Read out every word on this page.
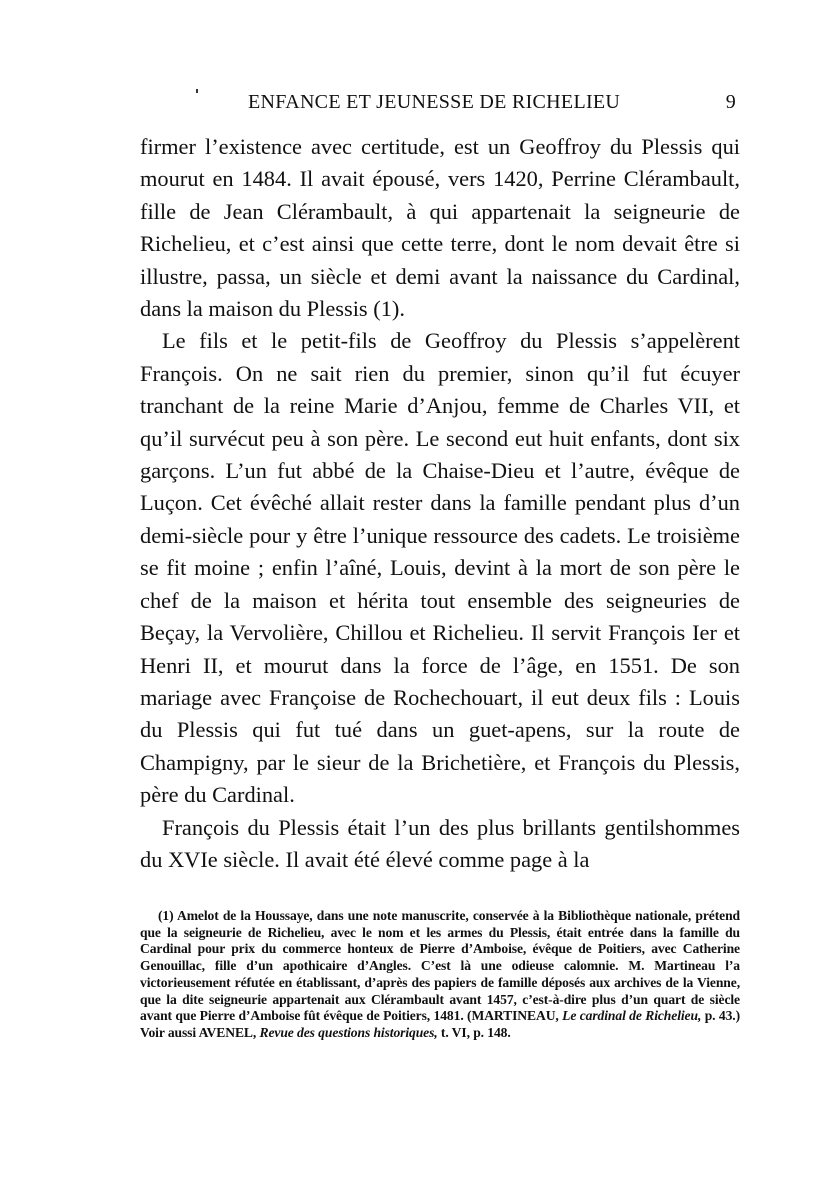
ENFANCE ET JEUNESSE DE RICHELIEU	9

firmer l’existence avec certitude, est un Geoffroy du Plessis qui mourut en 1484. Il avait épousé, vers 1420, Perrine Clérambault, fille de Jean Clérambault, à qui appartenait la seigneurie de Richelieu, et c’est ainsi que cette terre, dont le nom devait être si illustre, passa, un siècle et demi avant la naissance du Cardinal, dans la maison du Plessis (1).

Le fils et le petit-fils de Geoffroy du Plessis s’appelèrent François. On ne sait rien du premier, sinon qu’il fut écuyer tranchant de la reine Marie d’Anjou, femme de Charles VII, et qu’il survécut peu à son père. Le second eut huit enfants, dont six garçons. L’un fut abbé de la Chaise-Dieu et l’autre, évêque de Luçon. Cet évêché allait rester dans la famille pendant plus d’un demi-siècle pour y être l’unique ressource des cadets. Le troisième se fit moine ; enfin l’aîné, Louis, devint à la mort de son père le chef de la maison et hérita tout ensemble des seigneuries de Beçay, la Vervolière, Chillou et Richelieu. Il servit François Ier et Henri II, et mourut dans la force de l’âge, en 1551. De son mariage avec Françoise de Rochechouart, il eut deux fils : Louis du Plessis qui fut tué dans un guet-apens, sur la route de Champigny, par le sieur de la Brichetière, et François du Plessis, père du Cardinal.

François du Plessis était l’un des plus brillants gentilshommes du XVIe siècle. Il avait été élevé comme page à la

(1) Amelot de la Houssaye, dans une note manuscrite, conservée à la Bibliothèque nationale, prétend que la seigneurie de Richelieu, avec le nom et les armes du Plessis, était entrée dans la famille du Cardinal pour prix du commerce honteux de Pierre d’Amboise, évêque de Poitiers, avec Catherine Genouillac, fille d’un apothicaire d’Angles. C’est là une odieuse calomnie. M. Martineau l’a victorieusement réfutée en établissant, d’après des papiers de famille déposés aux archives de la Vienne, que la dite seigneurie appartenait aux Clérambault avant 1457, c’est-à-dire plus d’un quart de siècle avant que Pierre d’Amboise fût évêque de Poitiers, 1481. (MARTINEAU, Le cardinal de Richelieu, p. 43.) Voir aussi AVENEL, Revue des questions historiques, t. VI, p. 148.
